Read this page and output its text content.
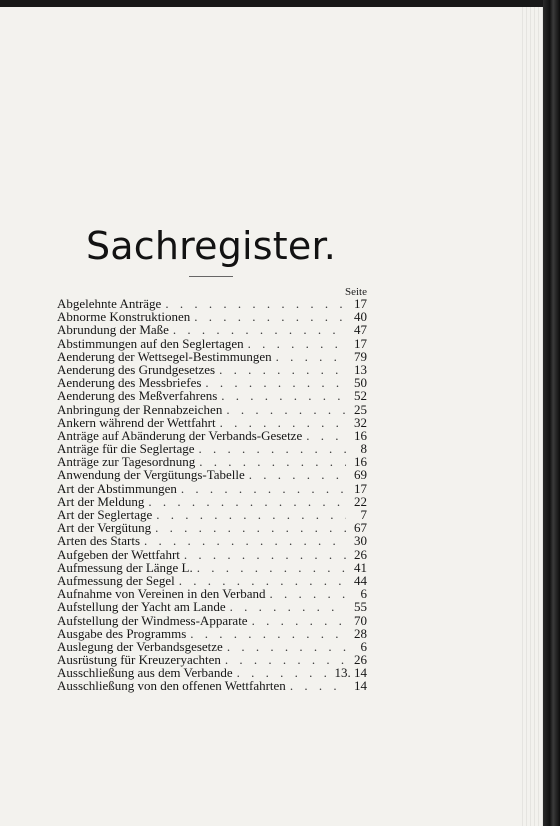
Sachregister.
Seite
Abgelehnte Anträge . . .	17
Abnorme Konstruktionen . . .	40
Abrundung der Maße . . .	47
Abstimmungen auf den Seglertagen . . .	17
Aenderung der Wettsegel-Bestimmungen . . .	79
Aenderung des Grundgesetzes . . .	13
Aenderung des Messbriefes . . .	50
Aenderung des Meßverfahrens . . .	52
Anbringung der Rennabzeichen . . .	25
Ankern während der Wettfahrt . . .	32
Anträge auf Abänderung der Verbands-Gesetze . . .	16
Anträge für die Seglertage . . .	8
Anträge zur Tagesordnung . . .	16
Anwendung der Vergütungs-Tabelle . . .	69
Art der Abstimmungen . . .	17
Art der Meldung . . .	22
Art der Seglertage . . .	7
Art der Vergütung . . .	67
Arten des Starts . . .	30
Aufgeben der Wettfahrt . . .	26
Aufmessung der Länge L. . . .	41
Aufmessung der Segel . . .	44
Aufnahme von Vereinen in den Verband . . .	6
Aufstellung der Yacht am Lande . . .	55
Aufstellung der Windmess-Apparate . . .	70
Ausgabe des Programms . . .	28
Auslegung der Verbandsgesetze . . .	6
Ausrüstung für Kreuzeryachten . . .	26
Ausschließung aus dem Verbande . . .	13. 14
Ausschließung von den offenen Wettfahrten . . .	14
